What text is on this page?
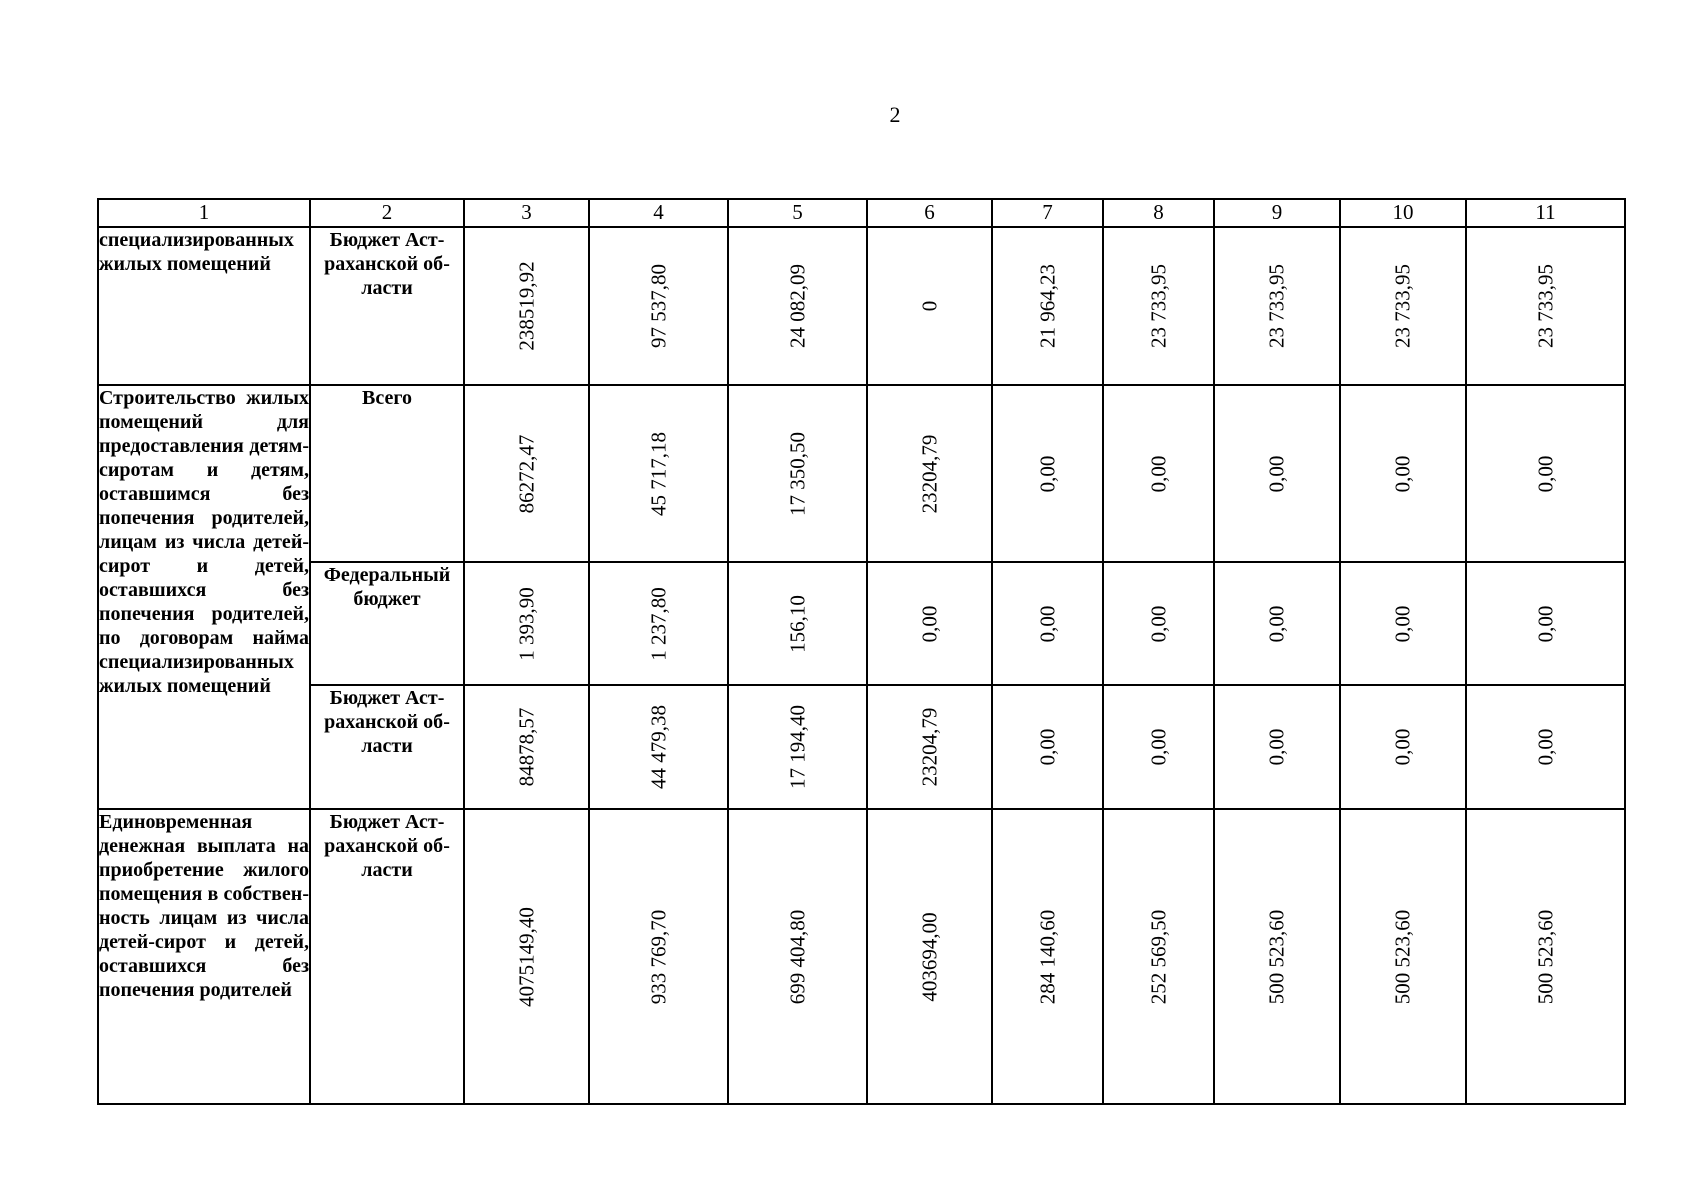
2
1	2	3	4	5	6	7	8	9	10	11
специализированных жилых помещений	Бюджет Астраханской области	238519,92	97 537,80	24 082,09	0	21 964,23	23 733,95	23 733,95	23 733,95	23 733,95

Строительство жилых помещений для предоставления детям-сиротам и детям, оставшимся без попечения родителей, лицам из числа детей-сирот и детей, оставшихся без попечения родителей, по договорам найма специализированных жилых помещений	Всего	86272,47	45 717,18	17 350,50	23204,79	0,00	0,00	0,00	0,00	0,00

	Федеральный бюджет	1 393,90	1 237,80	156,10	0,00	0,00	0,00	0,00	0,00	0,00

	Бюджет Астраханской области	84878,57	44 479,38	17 194,40	23204,79	0,00	0,00	0,00	0,00	0,00

Единовременная денежная выплата на приобретение жилого помещения в собственность лицам из числа детей-сирот и детей, оставшихся без попечения родителей	Бюджет Астраханской области	4075149,40	933 769,70	699 404,80	403694,00	284 140,60	252 569,50	500 523,60	500 523,60	500 523,60
